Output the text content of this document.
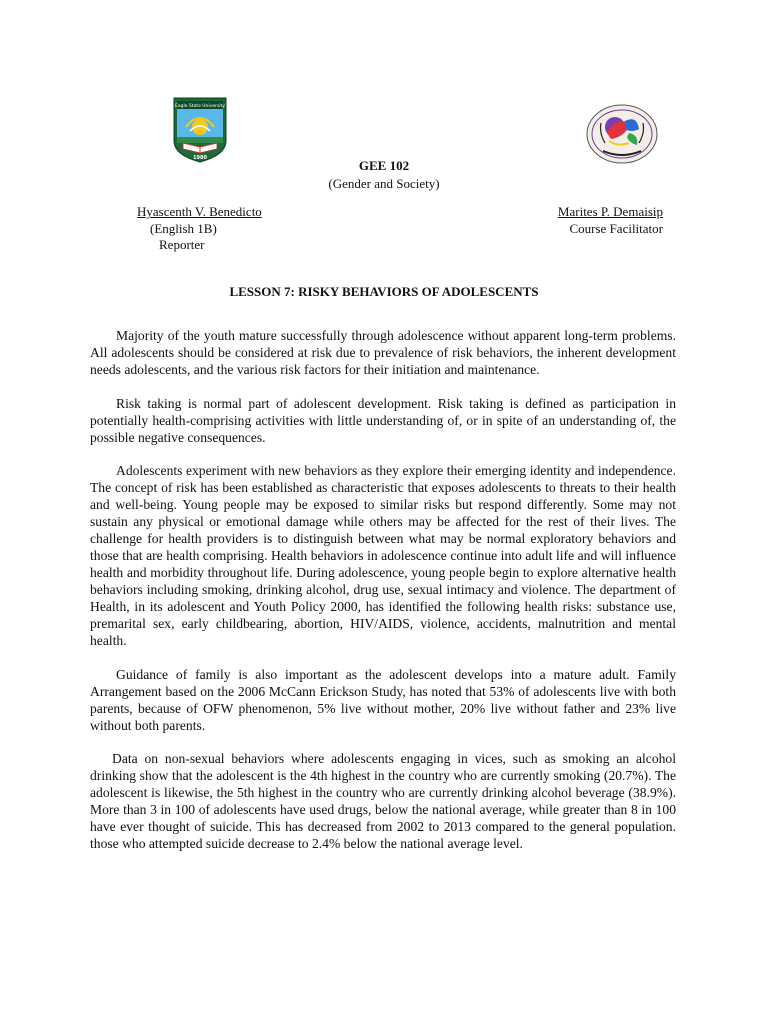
Eagle State University
1980	GEE 102
(Gender and Society)
Hyascenth V. Benedicto
(English 1B)
Reporter
Marites P. Demaisip
Course Facilitator
LESSON 7: RISKY BEHAVIORS OF ADOLESCENTS

Majority of the youth mature successfully through adolescence without apparent long-term problems. All adolescents should be considered at risk due to prevalence of risk behaviors, the inherent development needs adolescents, and the various risk factors for their initiation and maintenance.

Risk taking is normal part of adolescent development. Risk taking is defined as participation in potentially health-comprising activities with little understanding of, or in spite of an understanding of, the possible negative consequences.

Adolescents experiment with new behaviors as they explore their emerging identity and independence. The concept of risk has been established as characteristic that exposes adolescents to threats to their health and well-being. Young people may be exposed to similar risks but respond differently. Some may not sustain any physical or emotional damage while others may be affected for the rest of their lives. The challenge for health providers is to distinguish between what may be normal exploratory behaviors and those that are health comprising. Health behaviors in adolescence continue into adult life and will influence health and morbidity throughout life. During adolescence, young people begin to explore alternative health behaviors including smoking, drinking alcohol, drug use, sexual intimacy and violence. The department of Health, in its adolescent and Youth Policy 2000, has identified the following health risks: substance use, premarital sex, early childbearing, abortion, HIV/AIDS, violence, accidents, malnutrition and mental health.

Guidance of family is also important as the adolescent develops into a mature adult. Family Arrangement based on the 2006 McCann Erickson Study, has noted that 53% of adolescents live with both parents, because of OFW phenomenon, 5% live without mother, 20% live without father and 23% live without both parents.

Data on non-sexual behaviors where adolescents engaging in vices, such as smoking an alcohol drinking show that the adolescent is the 4th highest in the country who are currently smoking (20.7%). The adolescent is likewise, the 5th highest in the country who are currently drinking alcohol beverage (38.9%). More than 3 in 100 of adolescents have used drugs, below the national average, while greater than 8 in 100 have ever thought of suicide. This has decreased from 2002 to 2013 compared to the general population. those who attempted suicide decrease to 2.4% below the national average level.
